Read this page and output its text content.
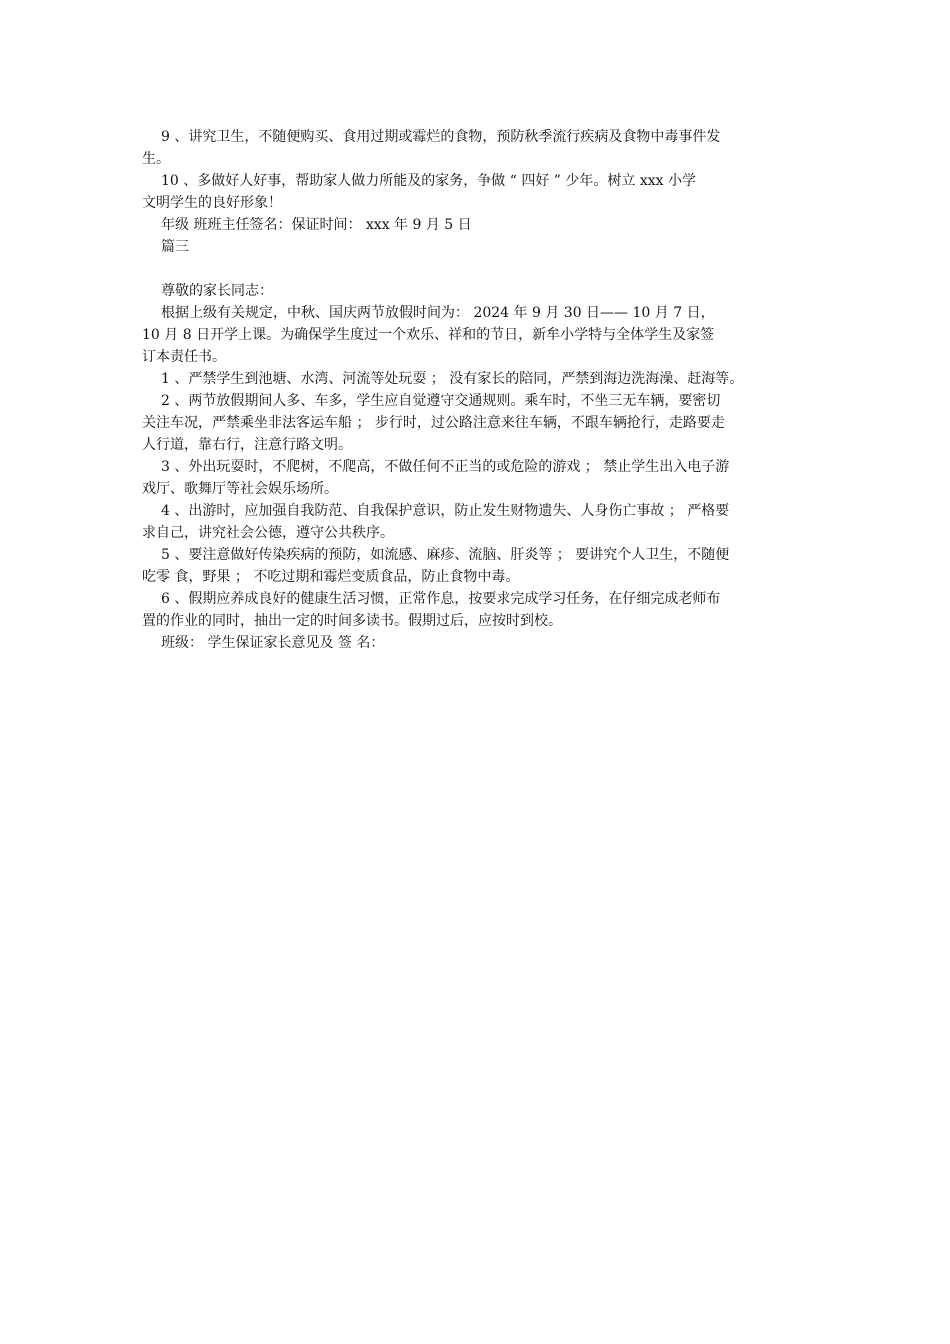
9 、讲究卫生，不随便购买、食用过期或霉烂的食物，预防秋季流行疾病及食物中毒事件发
生。
10 、多做好人好事，帮助家人做力所能及的家务，争做 “ 四好 ” 少年。树立 xxx 小学
文明学生的良好形象！
年级 班班主任签名：保证时间： xxx 年 9 月 5 日
篇三
尊敬的家长同志：
根据上级有关规定，中秋、国庆两节放假时间为： 2024 年 9 月 30 日—— 10 月 7 日，
10 月 8 日开学上课。为确保学生度过一个欢乐、祥和的节日，新牟小学特与全体学生及家签
订本责任书。
1 、严禁学生到池塘、水湾、河流等处玩耍 ； 没有家长的陪同，严禁到海边洗海澡、赶海等。
2 、两节放假期间人多、车多，学生应自觉遵守交通规则。乘车时，不坐三无车辆，要密切
关注车况，严禁乘坐非法客运车船 ； 步行时，过公路注意来往车辆，不跟车辆抢行，走路要走
人行道，靠右行，注意行路文明。
3 、外出玩耍时，不爬树，不爬高，不做任何不正当的或危险的游戏 ； 禁止学生出入电子游
戏厅、歌舞厅等社会娱乐场所。
4 、出游时，应加强自我防范、自我保护意识，防止发生财物遗失、人身伤亡事故 ； 严格要
求自己，讲究社会公德，遵守公共秩序。
5 、要注意做好传染疾病的预防，如流感、麻疹、流脑、肝炎等 ； 要讲究个人卫生，不随便
吃零 食，野果 ； 不吃过期和霉烂变质食品，防止食物中毒。
6 、假期应养成良好的健康生活习惯，正常作息，按要求完成学习任务，在仔细完成老师布
置的作业的同时，抽出一定的时间多读书。假期过后，应按时到校。
班级： 学生保证家长意见及 签 名：
